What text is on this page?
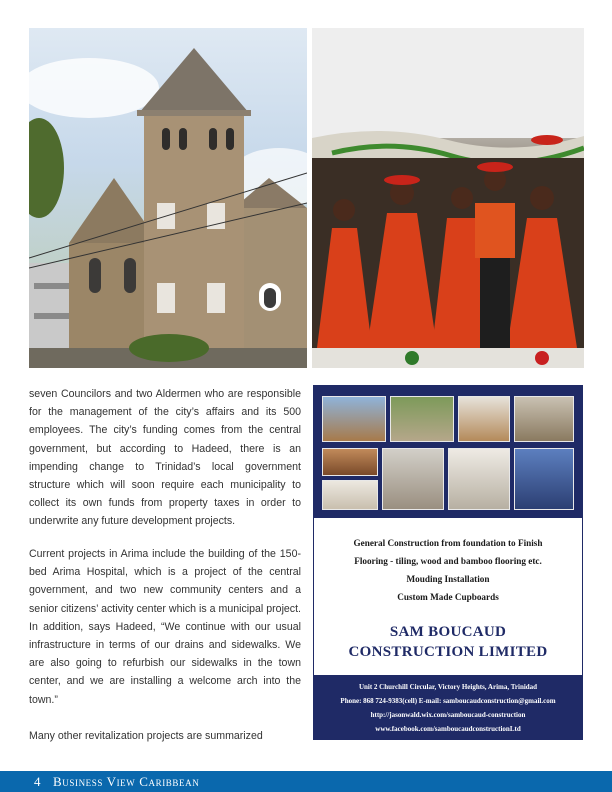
seven Councilors and two Aldermen who are responsible for the management of the city’s affairs and its 500 employees. The city’s funding comes from the central government, but according to Hadeed, there is an impending change to Trinidad’s local government structure which will soon require each municipality to collect its own funds from property taxes in order to underwrite any future development projects.

Current projects in Arima include the building of the 150-bed Arima Hospital, which is a project of the central government, and two new community centers and a senior citizens’ activity center which is a municipal project. In addition, says Hadeed, “We continue with our usual infrastructure in terms of our drains and sidewalks. We are also going to refurbish our sidewalks in the town center, and we are installing a welcome arch into the town.”

Many other revitalization projects are summarized

General Construction from foundation to Finish
Flooring - tiling, wood and bamboo flooring etc.
Mouding Installation
Custom Made Cupboards
SAM BOUCAUD
CONSTRUCTION LIMITED
Unit 2 Churchill Circular, Victory Heights, Arima, Trinidad
Phone: 868 724-9383(cell) E-mail: samboucaudconstruction@gmail.com
http://jasonwald.wix.com/samboucaud-construction
www.facebook.com/samboucaudconstructionLtd
4 Business View Caribbean
